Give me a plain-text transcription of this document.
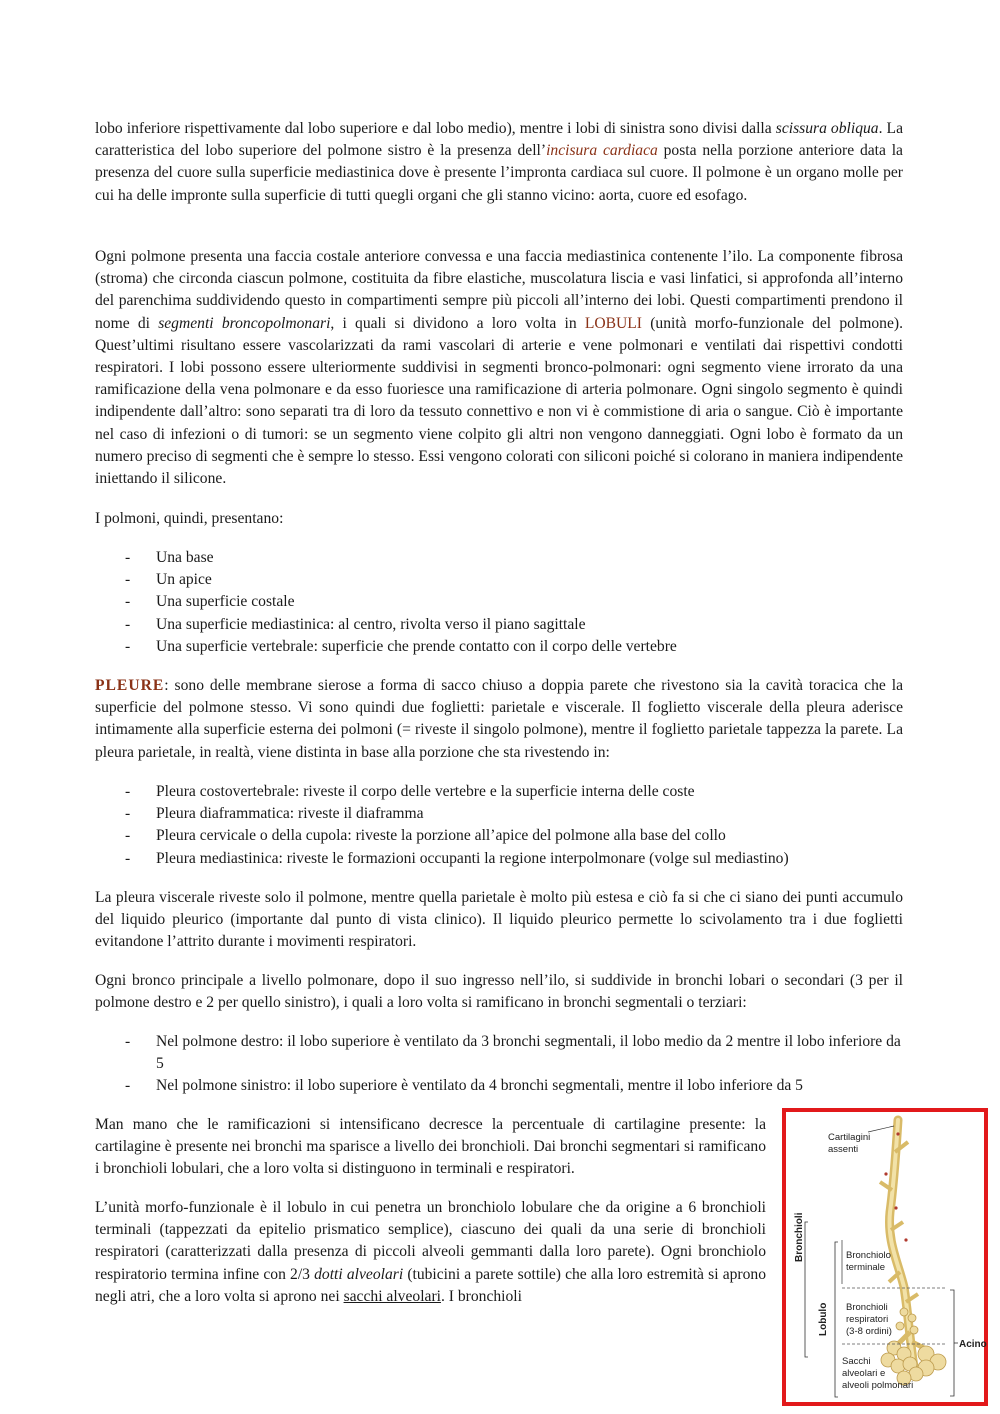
lobo inferiore rispettivamente dal lobo superiore e dal lobo medio), mentre i lobi di sinistra sono divisi dalla scissura obliqua. La caratteristica del lobo superiore del polmone sistro è la presenza dell’incisura cardiaca posta nella porzione anteriore data la presenza del cuore sulla superficie mediastinica dove è presente l’impronta cardiaca sul cuore. Il polmone è un organo molle per cui ha delle impronte sulla superficie di tutti quegli organi che gli stanno vicino: aorta, cuore ed esofago.

Ogni polmone presenta una faccia costale anteriore convessa e una faccia mediastinica contenente l’ilo. La componente fibrosa (stroma) che circonda ciascun polmone, costituita da fibre elastiche, muscolatura liscia e vasi linfatici, si approfonda all’interno del parenchima suddividendo questo in compartimenti sempre più piccoli all’interno dei lobi. Questi compartimenti prendono il nome di segmenti broncopolmonari, i quali si dividono a loro volta in LOBULI (unità morfo-funzionale del polmone). Quest’ultimi risultano essere vascolarizzati da rami vascolari di arterie e vene polmonari e ventilati dai rispettivi condotti respiratori. I lobi possono essere ulteriormente suddivisi in segmenti bronco-polmonari: ogni segmento viene irrorato da una ramificazione della vena polmonare e da esso fuoriesce una ramificazione di arteria polmonare. Ogni singolo segmento è quindi indipendente dall’altro: sono separati tra di loro da tessuto connettivo e non vi è commistione di aria o sangue. Ciò è importante nel caso di infezioni o di tumori: se un segmento viene colpito gli altri non vengono danneggiati. Ogni lobo è formato da un numero preciso di segmenti che è sempre lo stesso. Essi vengono colorati con siliconi poiché si colorano in maniera indipendente iniettando il silicone.

I polmoni, quindi, presentano:

- Una base
- Un apice
- Una superficie costale
- Una superficie mediastinica: al centro, rivolta verso il piano sagittale
- Una superficie vertebrale: superficie che prende contatto con il corpo delle vertebre

PLEURE: sono delle membrane sierose a forma di sacco chiuso a doppia parete che rivestono sia la cavità toracica che la superficie del polmone stesso. Vi sono quindi due foglietti: parietale e viscerale. Il foglietto viscerale della pleura aderisce intimamente alla superficie esterna dei polmoni (= riveste il singolo polmone), mentre il foglietto parietale tappezza la parete. La pleura parietale, in realtà, viene distinta in base alla porzione che sta rivestendo in:

- Pleura costovertebrale: riveste il corpo delle vertebre e la superficie interna delle coste
- Pleura diaframmatica: riveste il diaframma
- Pleura cervicale o della cupola: riveste la porzione all’apice del polmone alla base del collo
- Pleura mediastinica: riveste le formazioni occupanti la regione interpolmonare (volge sul mediastino)

La pleura viscerale riveste solo il polmone, mentre quella parietale è molto più estesa e ciò fa si che ci siano dei punti accumulo del liquido pleurico (importante dal punto di vista clinico). Il liquido pleurico permette lo scivolamento tra i due foglietti evitandone l’attrito durante i movimenti respiratori.

Ogni bronco principale a livello polmonare, dopo il suo ingresso nell’ilo, si suddivide in bronchi lobari o secondari (3 per il polmone destro e 2 per quello sinistro), i quali a loro volta si ramificano in bronchi segmentali o terziari:

- Nel polmone destro: il lobo superiore è ventilato da 3 bronchi segmentali, il lobo medio da 2 mentre il lobo inferiore da 5
- Nel polmone sinistro: il lobo superiore è ventilato da 4 bronchi segmentali, mentre il lobo inferiore da 5

Man mano che le ramificazioni si intensificano decresce la percentuale di cartilagine presente: la cartilagine è presente nei bronchi ma sparisce a livello dei bronchioli. Dai bronchi segmentari si ramificano i bronchioli lobulari, che a loro volta si distinguono in terminali e respiratori.

L’unità morfo-funzionale è il lobulo in cui penetra un bronchiolo lobulare che da origine a 6 bronchioli terminali (tappezzati da epitelio prismatico semplice), ciascuno dei quali da una serie di bronchioli respiratori (caratterizzati dalla presenza di piccoli alveoli gemmanti dalla loro parete). Ogni bronchiolo respiratorio termina infine con 2/3 dotti alveolari (tubicini a parete sottile) che alla loro estremità si aprono negli atri, che a loro volta si aprono nei sacchi alveolari. I bronchioli

Cartilagini
assenti
Bronchioli
Lobulo
Bronchiolo
terminale
Bronchioli
respiratori
(3-8 ordini)
Acino
Sacchi
alveolari e
alveoli polmonari
